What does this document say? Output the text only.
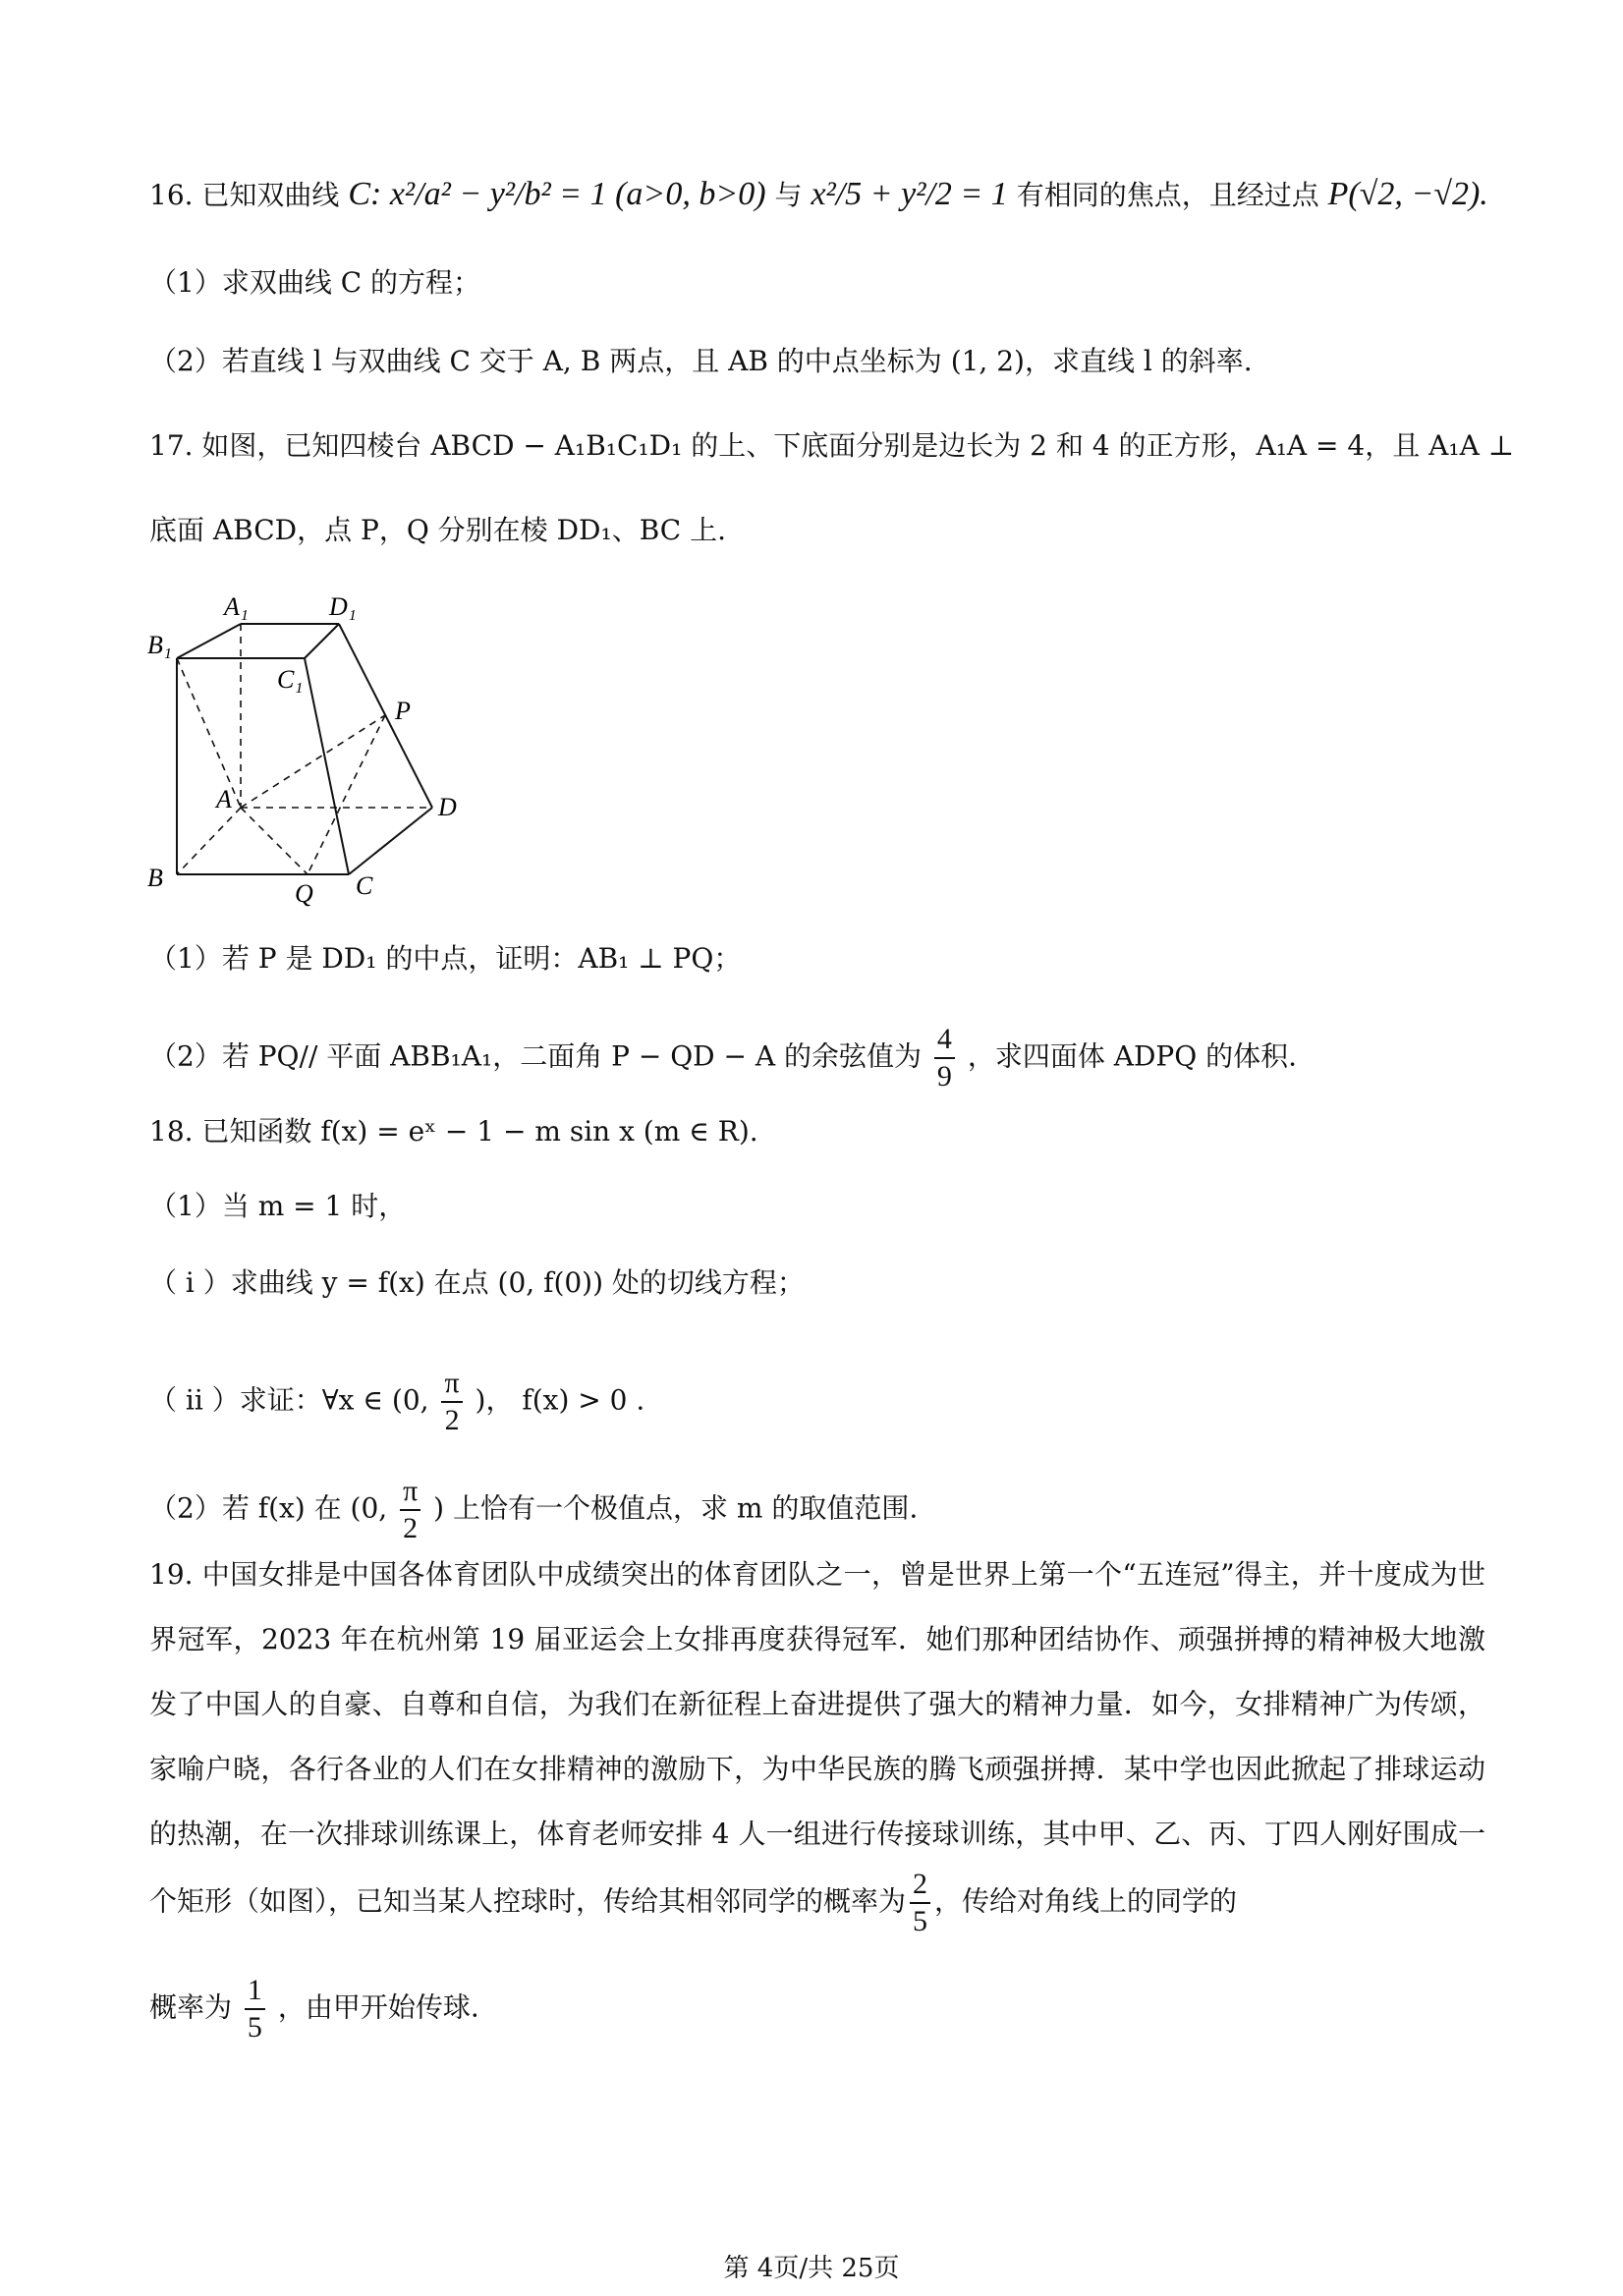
16. 已知双曲线 C: x²/a² − y²/b² = 1 (a>0, b>0) 与 x²/5 + y²/2 = 1 有相同的焦点，且经过点 P(√2, −√2).
（1）求双曲线 C 的方程；
（2）若直线 l 与双曲线 C 交于 A, B 两点，且 AB 的中点坐标为 (1, 2)，求直线 l 的斜率.
17. 如图，已知四棱台 ABCD − A₁B₁C₁D₁ 的上、下底面分别是边长为 2 和 4 的正方形，A₁A = 4，且 A₁A ⊥
底面 ABCD，点 P，Q 分别在棱 DD₁、BC 上.
A₁	D₁
B₁
C₁
P
A	D
B
Q C
（1）若 P 是 DD₁ 的中点，证明：AB₁ ⊥ PQ；
（2）若 PQ// 平面 ABB₁A₁，二面角 P − QD − A 的余弦值为 $\frac{4}{9}$ ，求四面体 ADPQ 的体积.
18. 已知函数 f(x) = eˣ − 1 − m sin x (m ∈ R).
（1）当 m = 1 时，
（ i ）求曲线 y = f(x) 在点 (0, f(0)) 处的切线方程；
（ ii ）求证：∀x ∈ (0, $\frac{\pi}{2}$ )， f(x) > 0 .
（2）若 f(x) 在 (0, $\frac{\pi}{2}$ ) 上恰有一个极值点，求 m 的取值范围.
19. 中国女排是中国各体育团队中成绩突出的体育团队之一，曾是世界上第一个“五连冠”得主，并十度成为世界冠军，2023 年在杭州第 19 届亚运会上女排再度获得冠军．她们那种团结协作、顽强拼搏的精神极大地激发了中国人的自豪、自尊和自信，为我们在新征程上奋进提供了强大的精神力量．如今，女排精神广为传颂，家喻户晓，各行各业的人们在女排精神的激励下，为中华民族的腾飞顽强拼搏．某中学也因此掀起了排球运动的热潮，在一次排球训练课上，体育老师安排 4 人一组进行传接球训练，其中甲、乙、丙、丁四人刚好围成一个矩形（如图），已知当某人控球时，传给其相邻同学的概率为 $\frac{2}{5}$ ，传给对角线上的同学的
概率为 $\frac{1}{5}$ ，由甲开始传球.
第 4页/共 25页
